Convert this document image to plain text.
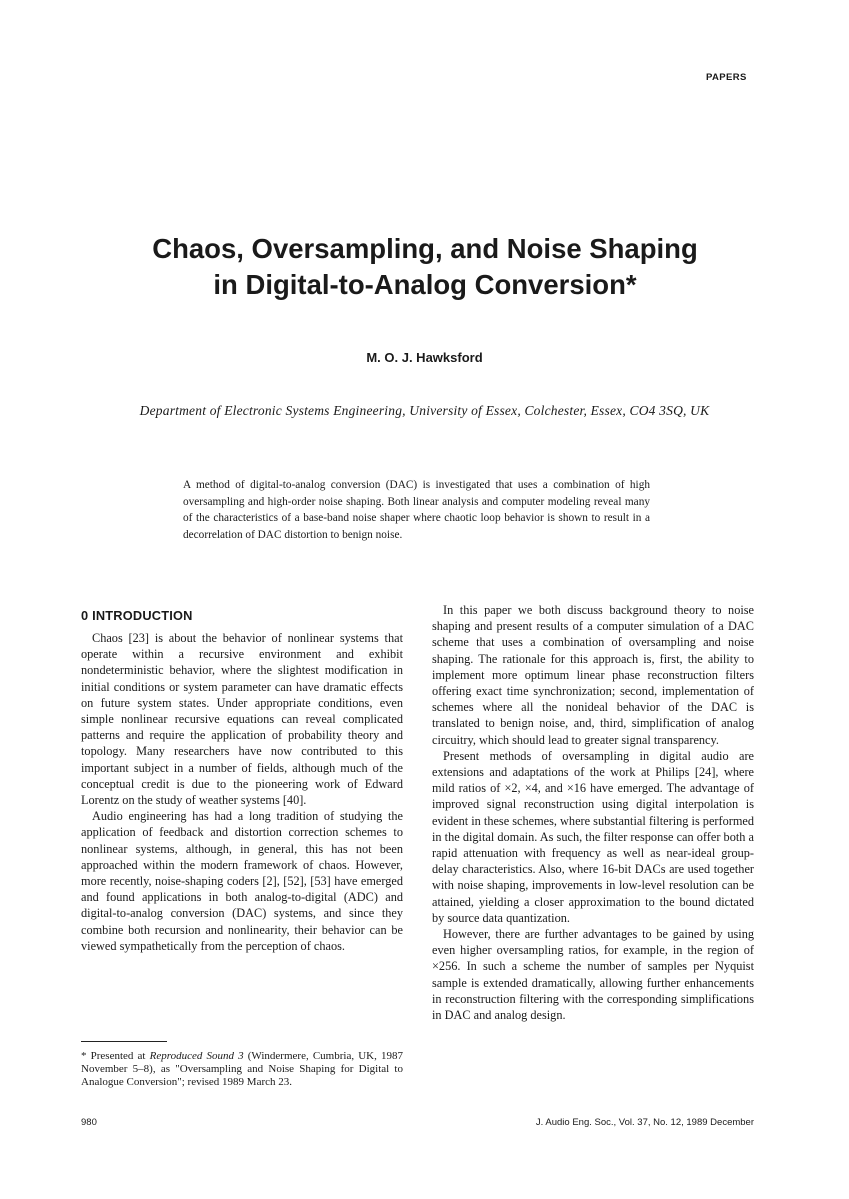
PAPERS
Chaos, Oversampling, and Noise Shaping
in Digital-to-Analog Conversion*
M. O. J. Hawksford
Department of Electronic Systems Engineering, University of Essex, Colchester, Essex, CO4 3SQ, UK

A method of digital-to-analog conversion (DAC) is investigated that uses a combination of high oversampling and high-order noise shaping. Both linear analysis and computer modeling reveal many of the characteristics of a base-band noise shaper where chaotic loop behavior is shown to result in a decorrelation of DAC distortion to benign noise.

0 INTRODUCTION

Chaos [23] is about the behavior of nonlinear systems that operate within a recursive environment and exhibit nondeterministic behavior, where the slightest modification in initial conditions or system parameter can have dramatic effects on future system states. Under appropriate conditions, even simple nonlinear recursive equations can reveal complicated patterns and require the application of probability theory and topology. Many researchers have now contributed to this important subject in a number of fields, although much of the conceptual credit is due to the pioneering work of Edward Lorentz on the study of weather systems [40].

Audio engineering has had a long tradition of studying the application of feedback and distortion correction schemes to nonlinear systems, although, in general, this has not been approached within the modern framework of chaos. However, more recently, noise-shaping coders [2], [52], [53] have emerged and found applications in both analog-to-digital (ADC) and digital-to-analog conversion (DAC) systems, and since they combine both recursion and nonlinearity, their behavior can be viewed sympathetically from the perception of chaos.

In this paper we both discuss background theory to noise shaping and present results of a computer simulation of a DAC scheme that uses a combination of oversampling and noise shaping. The rationale for this approach is, first, the ability to implement more optimum linear phase reconstruction filters offering exact time synchronization; second, implementation of schemes where all the nonideal behavior of the DAC is translated to benign noise, and, third, simplification of analog circuitry, which should lead to greater signal transparency.

Present methods of oversampling in digital audio are extensions and adaptations of the work at Philips [24], where mild ratios of ×2, ×4, and ×16 have emerged. The advantage of improved signal reconstruction using digital interpolation is evident in these schemes, where substantial filtering is performed in the digital domain. As such, the filter response can offer both a rapid attenuation with frequency as well as near-ideal group-delay characteristics. Also, where 16-bit DACs are used together with noise shaping, improvements in low-level resolution can be attained, yielding a closer approximation to the bound dictated by source data quantization.

However, there are further advantages to be gained by using even higher oversampling ratios, for example, in the region of ×256. In such a scheme the number of samples per Nyquist sample is extended dramatically, allowing further enhancements in reconstruction filtering with the corresponding simplifications in DAC and analog design.

* Presented at Reproduced Sound 3 (Windermere, Cumbria, UK, 1987 November 5–8), as "Oversampling and Noise Shaping for Digital to Analogue Conversion"; revised 1989 March 23.

980	J. Audio Eng. Soc., Vol. 37, No. 12, 1989 December
